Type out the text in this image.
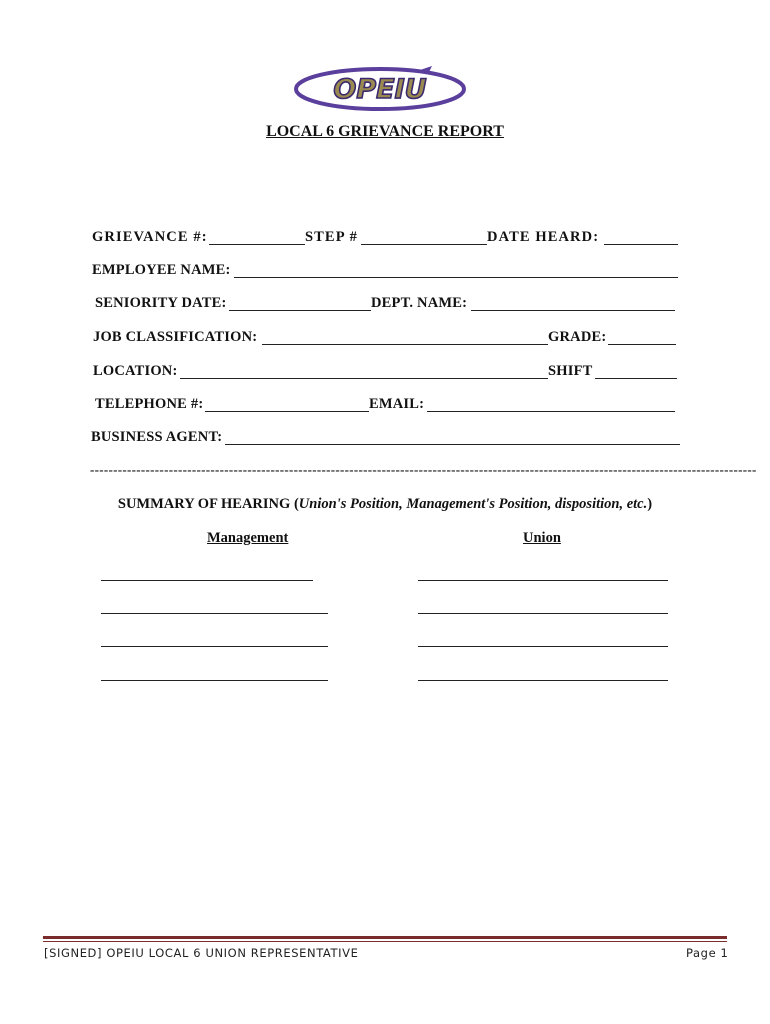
OPEIU
LOCAL 6 GRIEVANCE REPORT
GRIEVANCE #:	STEP #	DATE HEARD:
EMPLOYEE NAME:
SENIORITY DATE:	DEPT. NAME:
JOB CLASSIFICATION:	GRADE:
LOCATION:	SHIFT
TELEPHONE #:	EMAIL:
BUSINESS AGENT:
------------------------------------------------------------------------------------------------------------------------------------------------
SUMMARY OF HEARING (Union's Position, Management's Position, disposition, etc.)
Management	Union
[SIGNED] OPEIU LOCAL 6 UNION REPRESENTATIVE	Page 1
